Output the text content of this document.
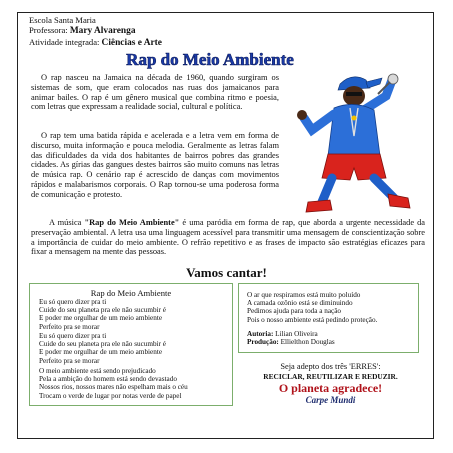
Escola Santa Maria
Professora: Mary Alvarenga
Atividade integrada: Ciências e Arte
Rap do Meio Ambiente

O rap nasceu na Jamaica na década de 1960, quando surgiram os sistemas de som, que eram colocados nas ruas dos jamaicanos para animar bailes. O rap é um gênero musical que combina ritmo e poesia, com letras que expressam a realidade social, cultural e política.

O rap tem uma batida rápida e acelerada e a letra vem em forma de discurso, muita informação e pouca melodia. Geralmente as letras falam das dificuldades da vida dos habitantes de bairros pobres das grandes cidades. As gírias das gangues destes bairros são muito comuns nas letras de música rap. O cenário rap é acrescido de danças com movimentos rápidos e malabarismos corporais. O Rap tornou-se uma poderosa forma de comunicação e protesto.

A música "Rap do Meio Ambiente" é uma paródia em forma de rap, que aborda a urgente necessidade da preservação ambiental. A letra usa uma linguagem acessível para transmitir uma mensagem de conscientização sobre a importância de cuidar do meio ambiente. O refrão repetitivo e as frases de impacto são estratégias eficazes para fixar a mensagem na mente das pessoas.

Vamos cantar!
Rap do Meio Ambiente
Eu só quero dizer pra ti
Cuide do seu planeta pra ele não sucumbir é
E poder me orgulhar de um meio ambiente
Perfeito pra se morar
Eu só quero dizer pra ti
Cuide do seu planeta pra ele não sucumbir é
E poder me orgulhar de um meio ambiente
Perfeito pra se morar
O meio ambiente está sendo prejudicado
Pela a ambição do homem está sendo devastado
Nossos rios, nossos mares não espelham mais o céu
Trocam o verde de lugar por notas verde de papel
O ar que respiramos está muito poluído
A camada ozônio está se diminuindo
Pedimos ajuda para toda a nação
Pois o nosso ambiente está pedindo proteção.
Autoria: Lilian Oliveira
Produção: Ellielthon Douglas
Seja adepto dos três 'ERRES':
RECICLAR, REUTILIZAR E REDUZIR.
O planeta agradece!
Carpe Mundi
